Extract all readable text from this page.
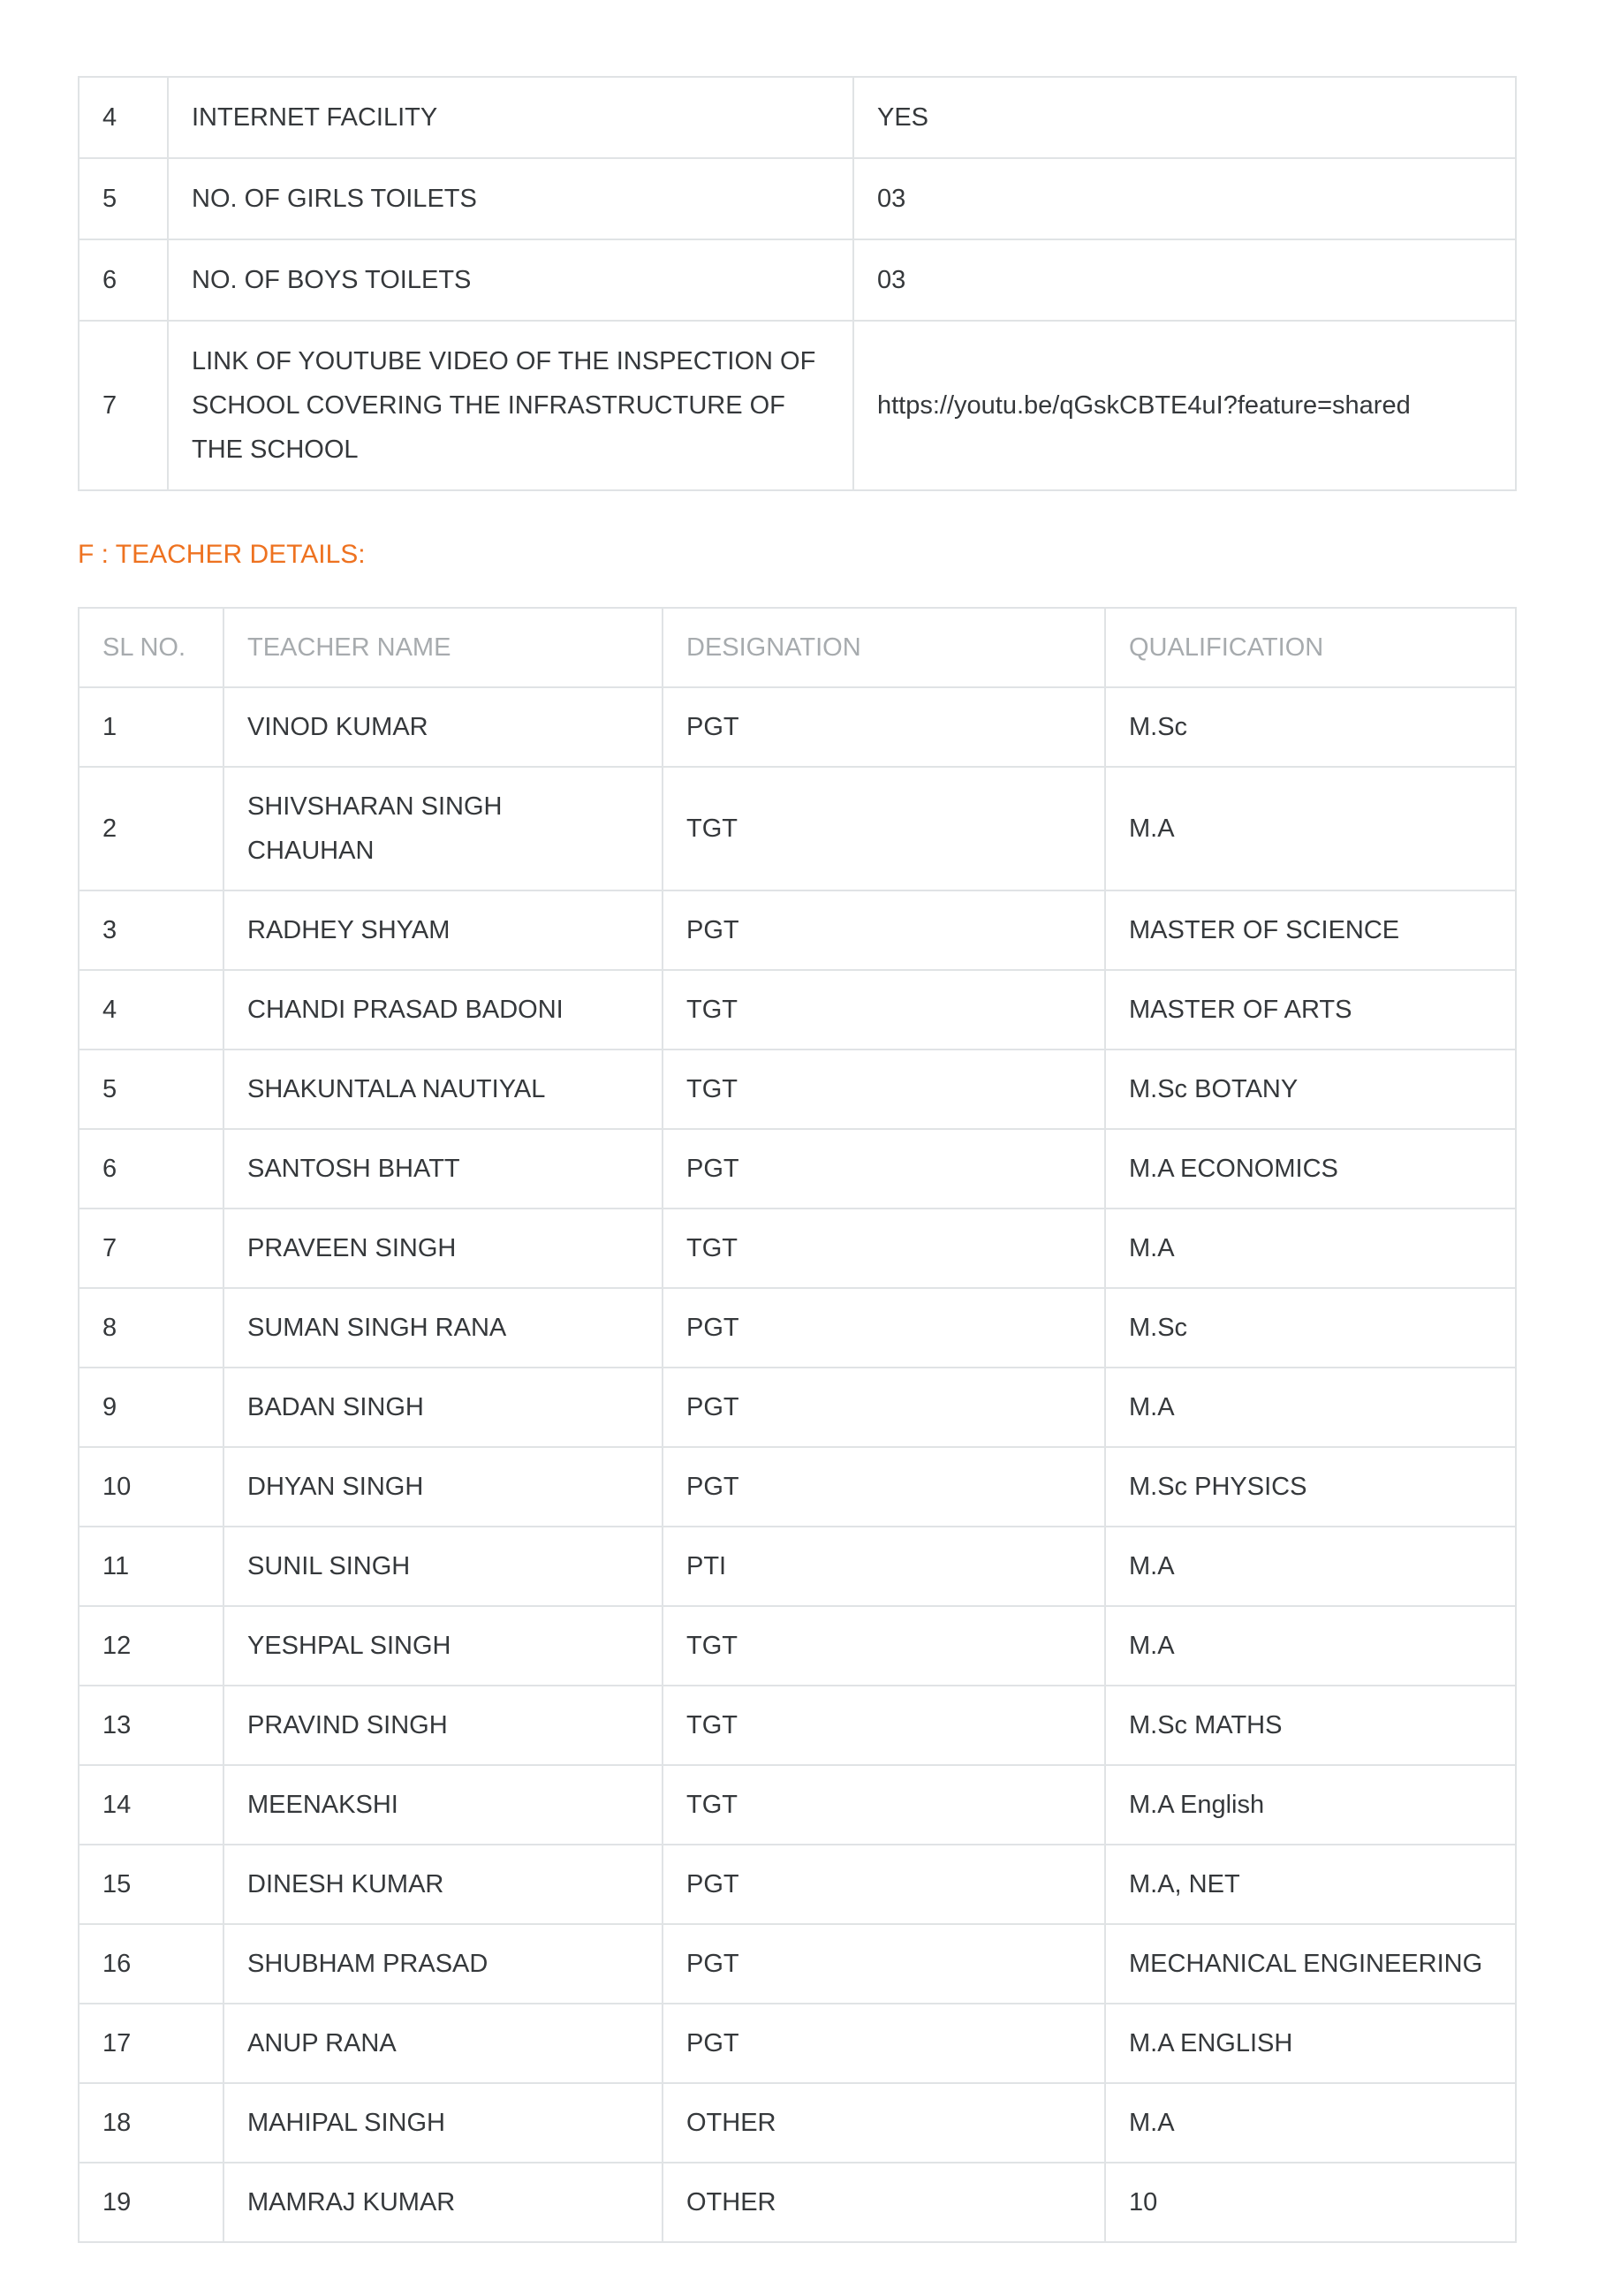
4	INTERNET FACILITY	YES
5	NO. OF GIRLS TOILETS	03
6	NO. OF BOYS TOILETS	03
7	LINK OF YOUTUBE VIDEO OF THE INSPECTION OF SCHOOL COVERING THE INFRASTRUCTURE OF THE SCHOOL	https://youtu.be/qGskCBTE4uI?feature=shared
F : TEACHER DETAILS:
SL NO.	TEACHER NAME	DESIGNATION	QUALIFICATION
1	VINOD KUMAR	PGT	M.Sc
2	SHIVSHARAN SINGH CHAUHAN	TGT	M.A
3	RADHEY SHYAM	PGT	MASTER OF SCIENCE
4	CHANDI PRASAD BADONI	TGT	MASTER OF ARTS
5	SHAKUNTALA NAUTIYAL	TGT	M.Sc BOTANY
6	SANTOSH BHATT	PGT	M.A ECONOMICS
7	PRAVEEN SINGH	TGT	M.A
8	SUMAN SINGH RANA	PGT	M.Sc
9	BADAN SINGH	PGT	M.A
10	DHYAN SINGH	PGT	M.Sc PHYSICS
11	SUNIL SINGH	PTI	M.A
12	YESHPAL SINGH	TGT	M.A
13	PRAVIND SINGH	TGT	M.Sc MATHS
14	MEENAKSHI	TGT	M.A English
15	DINESH KUMAR	PGT	M.A, NET
16	SHUBHAM PRASAD	PGT	MECHANICAL ENGINEERING
17	ANUP RANA	PGT	M.A ENGLISH
18	MAHIPAL SINGH	OTHER	M.A
19	MAMRAJ KUMAR	OTHER	10
